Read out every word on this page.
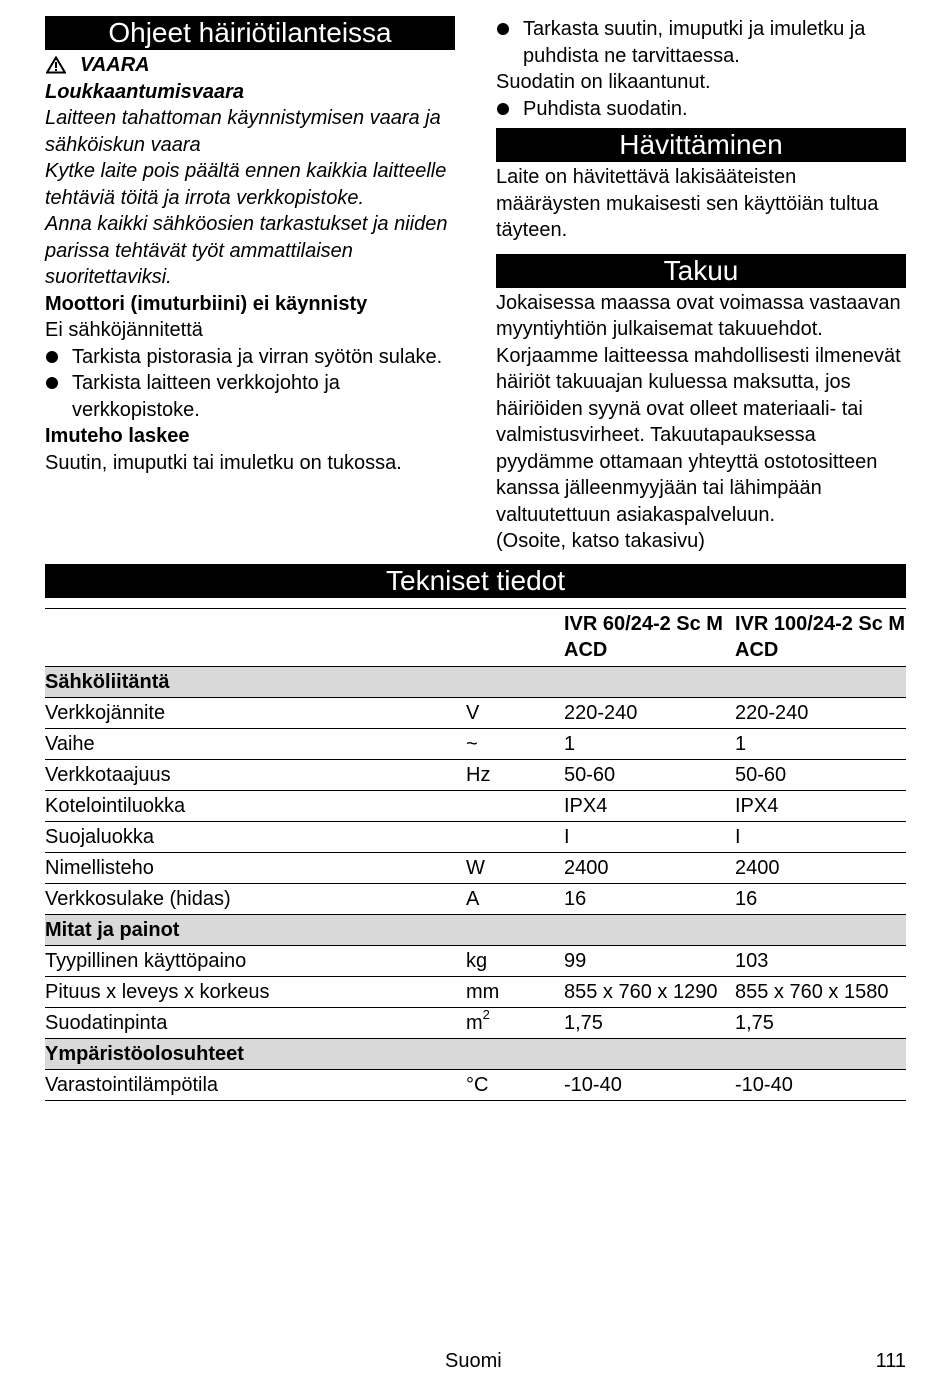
Ohjeet häiriötilanteissa
VAARA

Loukkaantumisvaara

Laitteen tahattoman käynnistymisen vaara ja sähköiskun vaara

Kytke laite pois päältä ennen kaikkia laitteelle tehtäviä töitä ja irrota verkkopistoke.

Anna kaikki sähköosien tarkastukset ja niiden parissa tehtävät työt ammattilaisen suoritettaviksi.

Moottori (imuturbiini) ei käynnisty

Ei sähköjännitettä

Tarkista pistorasia ja virran syötön sulake.

Tarkista laitteen verkkojohto ja verkkopistoke.

Imuteho laskee

Suutin, imuputki tai imuletku on tukossa.

Tarkasta suutin, imuputki ja imuletku ja puhdista ne tarvittaessa.

Suodatin on likaantunut.

Puhdista suodatin.

Hävittäminen

Laite on hävitettävä lakisääteisten määräysten mukaisesti sen käyttöiän tultua täyteen.

Takuu

Jokaisessa maassa ovat voimassa vastaavan myyntiyhtiön julkaisemat takuuehdot. Korjaamme laitteessa mahdollisesti ilmenevät häiriöt takuuajan kuluessa maksutta, jos häiriöiden syynä ovat olleet materiaali- tai valmistusvirheet. Takuutapauksessa pyydämme ottamaan yhteyttä ostotositteen kanssa jälleenmyyjään tai lähimpään valtuutettuun asiakaspalveluun.

(Osoite, katso takasivu)

Tekniset tiedot
		IVR 60/24-2 Sc M ACD	IVR 100/24-2 Sc M ACD
Sähköliitäntä			
Verkkojännite	V	220-240	220-240
Vaihe	~	1	1
Verkkotaajuus	Hz	50-60	50-60
Kotelointiluokka		IPX4	IPX4
Suojaluokka		I	I
Nimellisteho	W	2400	2400
Verkkosulake (hidas)	A	16	16
Mitat ja painot			
Tyypillinen käyttöpaino	kg	99	103
Pituus x leveys x korkeus	mm	855 x 760 x 1290	855 x 760 x 1580
Suodatinpinta	$m^2$	1,75	1,75
Ympäristöolosuhteet			
Varastointilämpötila	°C	-10-40	-10-40
Suomi	111
